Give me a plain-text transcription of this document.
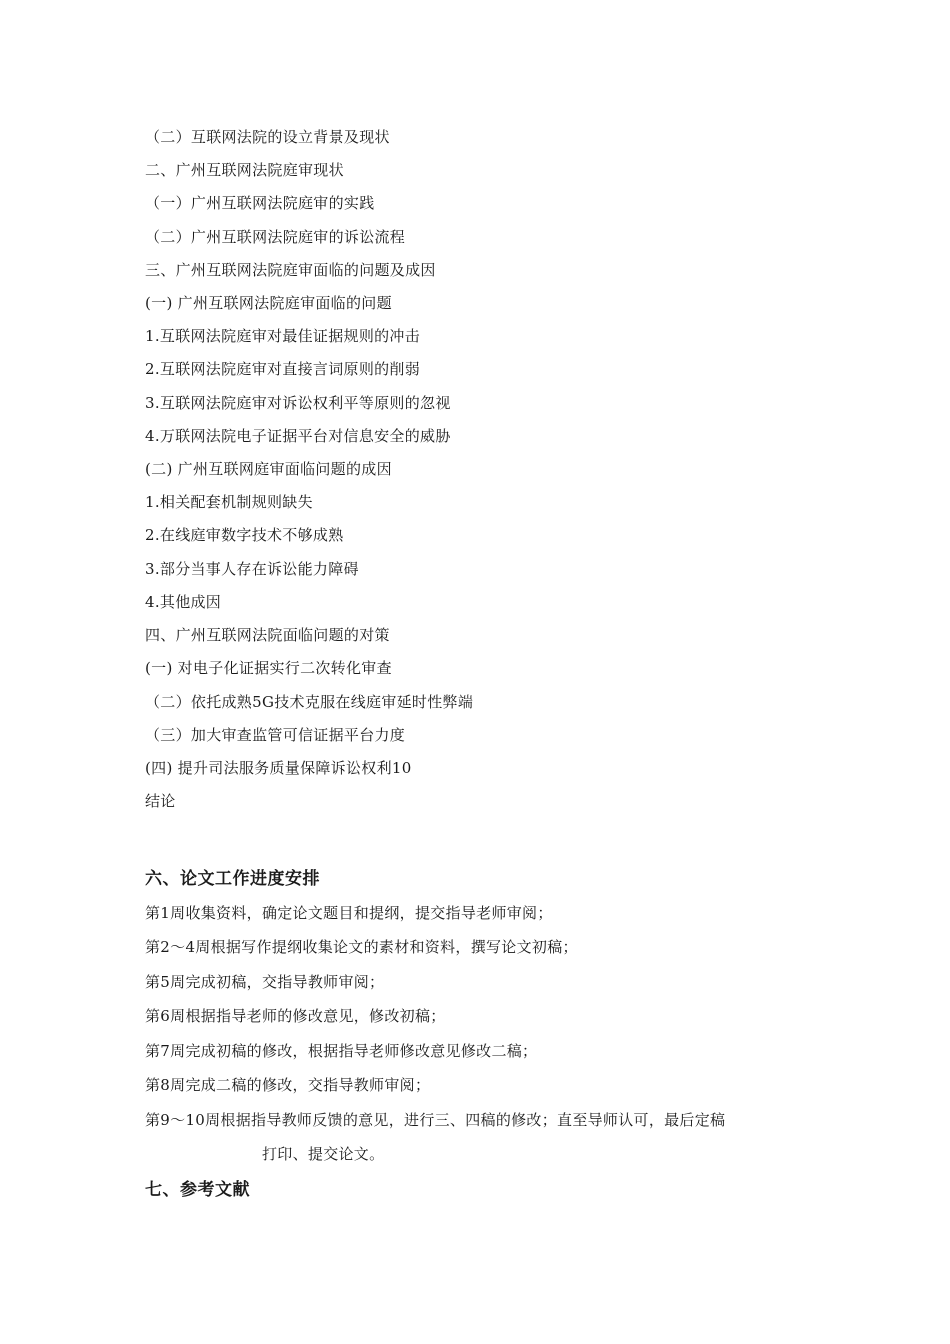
（二）互联网法院的设立背景及现状
二、广州互联网法院庭审现状
（一）广州互联网法院庭审的实践
（二）广州互联网法院庭审的诉讼流程
三、广州互联网法院庭审面临的问题及成因
(一) 广州互联网法院庭审面临的问题
1.互联网法院庭审对最佳证据规则的冲击
2.互联网法院庭审对直接言词原则的削弱
3.互联网法院庭审对诉讼权利平等原则的忽视
4.万联网法院电子证据平台对信息安全的威胁
(二) 广州互联网庭审面临问题的成因
1.相关配套机制规则缺失
2.在线庭审数字技术不够成熟
3.部分当事人存在诉讼能力障碍
4.其他成因
四、广州互联网法院面临问题的对策
(一) 对电子化证据实行二次转化审查
（二）依托成熟5G技术克服在线庭审延时性弊端
（三）加大审查监管可信证据平台力度
(四) 提升司法服务质量保障诉讼权利10
结论
六、论文工作进度安排
第1周收集资料，确定论文题目和提纲，提交指导老师审阅；
第2～4周根据写作提纲收集论文的素材和资料，撰写论文初稿；
第5周完成初稿，交指导教师审阅；
第6周根据指导老师的修改意见，修改初稿；
第7周完成初稿的修改，根据指导老师修改意见修改二稿；
第8周完成二稿的修改，交指导教师审阅；
第9～10周根据指导教师反馈的意见，进行三、四稿的修改；直至导师认可，最后定稿
打印、提交论文。
七、参考文献
